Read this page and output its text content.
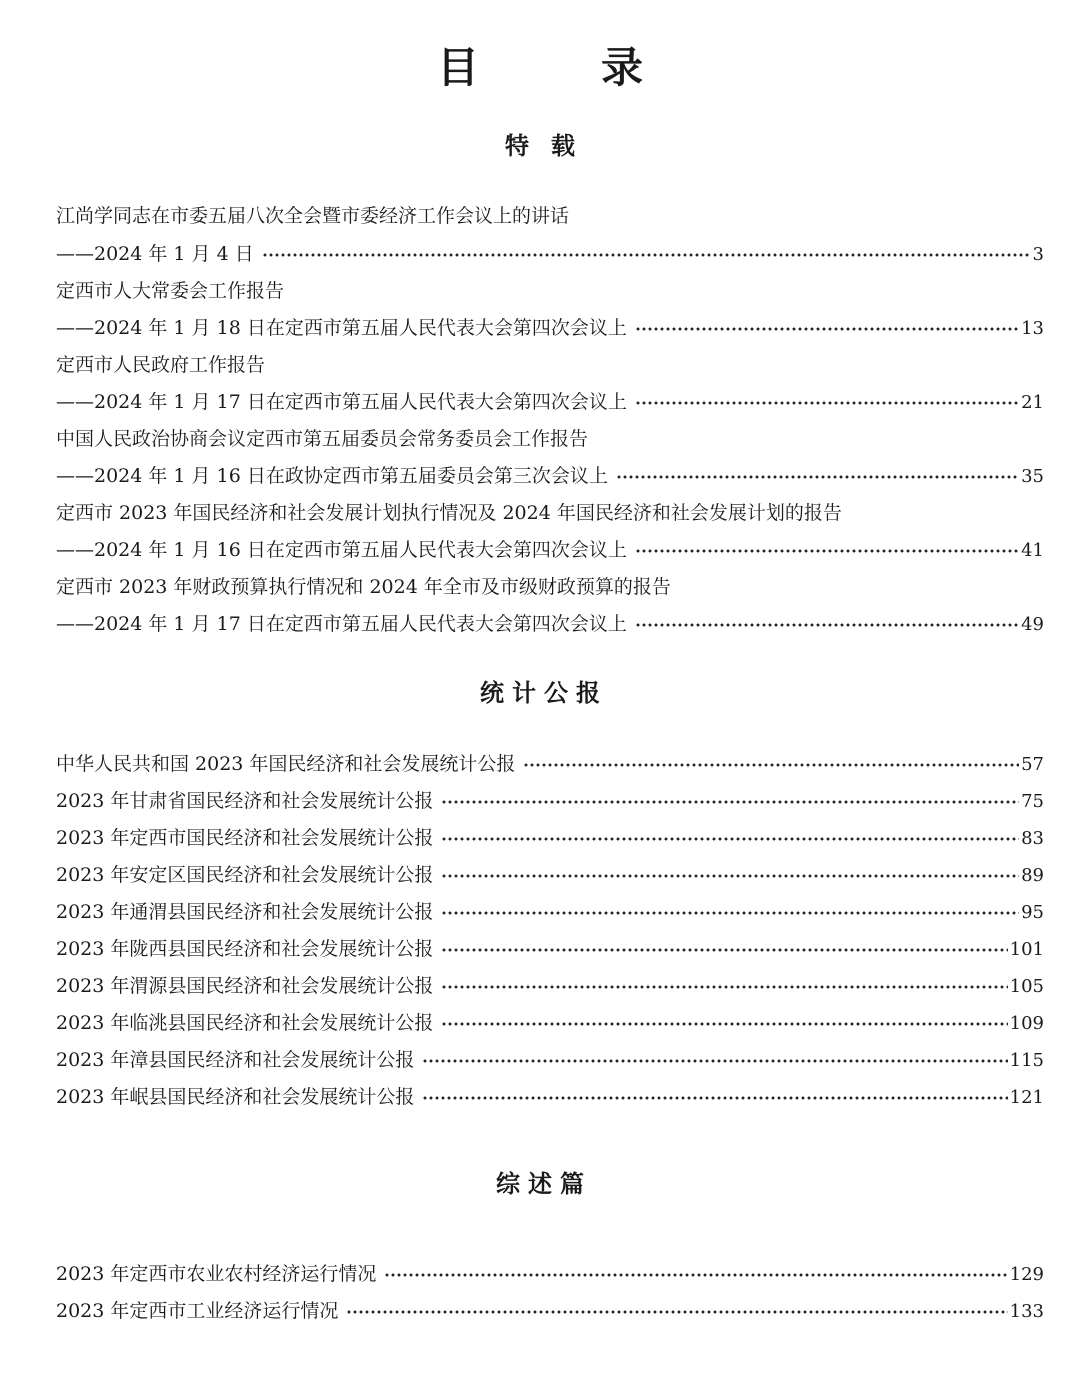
目　录
特载
江尚学同志在市委五届八次全会暨市委经济工作会议上的讲话
——2024 年 1 月 4 日	3
定西市人大常委会工作报告
——2024 年 1 月 18 日在定西市第五届人民代表大会第四次会议上	13
定西市人民政府工作报告
——2024 年 1 月 17 日在定西市第五届人民代表大会第四次会议上	21
中国人民政治协商会议定西市第五届委员会常务委员会工作报告
——2024 年 1 月 16 日在政协定西市第五届委员会第三次会议上	35
定西市 2023 年国民经济和社会发展计划执行情况及 2024 年国民经济和社会发展计划的报告
——2024 年 1 月 16 日在定西市第五届人民代表大会第四次会议上	41
定西市 2023 年财政预算执行情况和 2024 年全市及市级财政预算的报告
——2024 年 1 月 17 日在定西市第五届人民代表大会第四次会议上	49
统计公报
中华人民共和国 2023 年国民经济和社会发展统计公报	57
2023 年甘肃省国民经济和社会发展统计公报	75
2023 年定西市国民经济和社会发展统计公报	83
2023 年安定区国民经济和社会发展统计公报	89
2023 年通渭县国民经济和社会发展统计公报	95
2023 年陇西县国民经济和社会发展统计公报	101
2023 年渭源县国民经济和社会发展统计公报	105
2023 年临洮县国民经济和社会发展统计公报	109
2023 年漳县国民经济和社会发展统计公报	115
2023 年岷县国民经济和社会发展统计公报	121
综述篇
2023 年定西市农业农村经济运行情况	129
2023 年定西市工业经济运行情况	133
